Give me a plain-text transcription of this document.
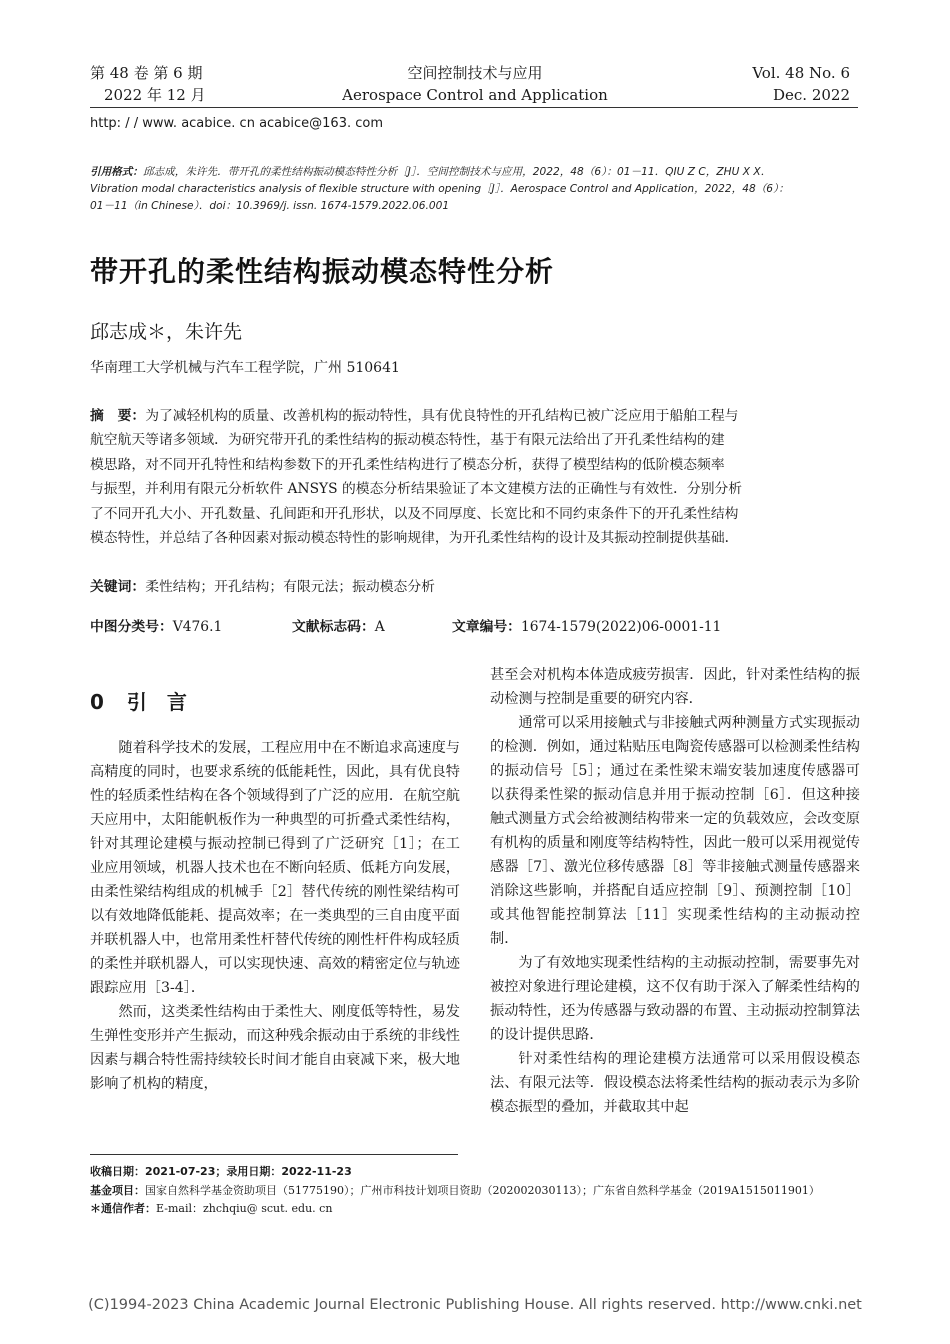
第 48 卷 第 6 期
2022 年 12 月
空间控制技术与应用
Aerospace Control and Application
Vol. 48 No. 6
Dec. 2022
http: / / www. acabice. cn acabice@163. com
引用格式：邱志成，朱许先．带开孔的柔性结构振动模态特性分析［J］．空间控制技术与应用，2022，48（6）：01－11．QIU Z C，ZHU X X．
Vibration modal characteristics analysis of flexible structure with opening［J］．Aerospace Control and Application，2022，48（6）：
01－11（in Chinese）．doi：10.3969/j. issn. 1674-1579.2022.06.001
带开孔的柔性结构振动模态特性分析
邱志成＊，朱许先
华南理工大学机械与汽车工程学院，广州 510641
摘　要：为了减轻机构的质量、改善机构的振动特性，具有优良特性的开孔结构已被广泛应用于船舶工程与
航空航天等诸多领域．为研究带开孔的柔性结构的振动模态特性，基于有限元法给出了开孔柔性结构的建
模思路，对不同开孔特性和结构参数下的开孔柔性结构进行了模态分析，获得了模型结构的低阶模态频率
与振型，并利用有限元分析软件 ANSYS 的模态分析结果验证了本文建模方法的正确性与有效性．分别分析
了不同开孔大小、开孔数量、孔间距和开孔形状，以及不同厚度、长宽比和不同约束条件下的开孔柔性结构
模态特性，并总结了各种因素对振动模态特性的影响规律，为开孔柔性结构的设计及其振动控制提供基础．
关键词：柔性结构；开孔结构；有限元法；振动模态分析
中图分类号：V476.1	文献标志码：A	文章编号：1674-1579(2022)06-0001-11
0 引　言

随着科学技术的发展，工程应用中在不断追求高速度与高精度的同时，也要求系统的低能耗性，因此，具有优良特性的轻质柔性结构在各个领域得到了广泛的应用．在航空航天应用中，太阳能帆板作为一种典型的可折叠式柔性结构，针对其理论建模与振动控制已得到了广泛研究［1］；在工业应用领域，机器人技术也在不断向轻质、低耗方向发展，由柔性梁结构组成的机械手［2］替代传统的刚性梁结构可以有效地降低能耗、提高效率；在一类典型的三自由度平面并联机器人中，也常用柔性杆替代传统的刚性杆件构成轻质的柔性并联机器人，可以实现快速、高效的精密定位与轨迹跟踪应用［3-4］．

然而，这类柔性结构由于柔性大、刚度低等特性，易发生弹性变形并产生振动，而这种残余振动由于系统的非线性因素与耦合特性需持续较长时间才能自由衰减下来，极大地影响了机构的精度，

甚至会对机构本体造成疲劳损害．因此，针对柔性结构的振动检测与控制是重要的研究内容．

通常可以采用接触式与非接触式两种测量方式实现振动的检测．例如，通过粘贴压电陶瓷传感器可以检测柔性结构的振动信号［5］；通过在柔性梁末端安装加速度传感器可以获得柔性梁的振动信息并用于振动控制［6］．但这种接触式测量方式会给被测结构带来一定的负载效应，会改变原有机构的质量和刚度等结构特性，因此一般可以采用视觉传感器［7］、激光位移传感器［8］等非接触式测量传感器来消除这些影响，并搭配自适应控制［9］、预测控制［10］或其他智能控制算法［11］实现柔性结构的主动振动控制．

为了有效地实现柔性结构的主动振动控制，需要事先对被控对象进行理论建模，这不仅有助于深入了解柔性结构的振动特性，还为传感器与致动器的布置、主动振动控制算法的设计提供思路．

针对柔性结构的理论建模方法通常可以采用假设模态法、有限元法等．假设模态法将柔性结构的振动表示为多阶模态振型的叠加，并截取其中起

收稿日期：2021-07-23；录用日期：2022-11-23
基金项目：国家自然科学基金资助项目（51775190）；广州市科技计划项目资助（202002030113）；广东省自然科学基金（2019A1515011901）
＊通信作者：E-mail：zhchqiu@ scut. edu. cn
(C)1994-2023 China Academic Journal Electronic Publishing House. All rights reserved. http://www.cnki.net
